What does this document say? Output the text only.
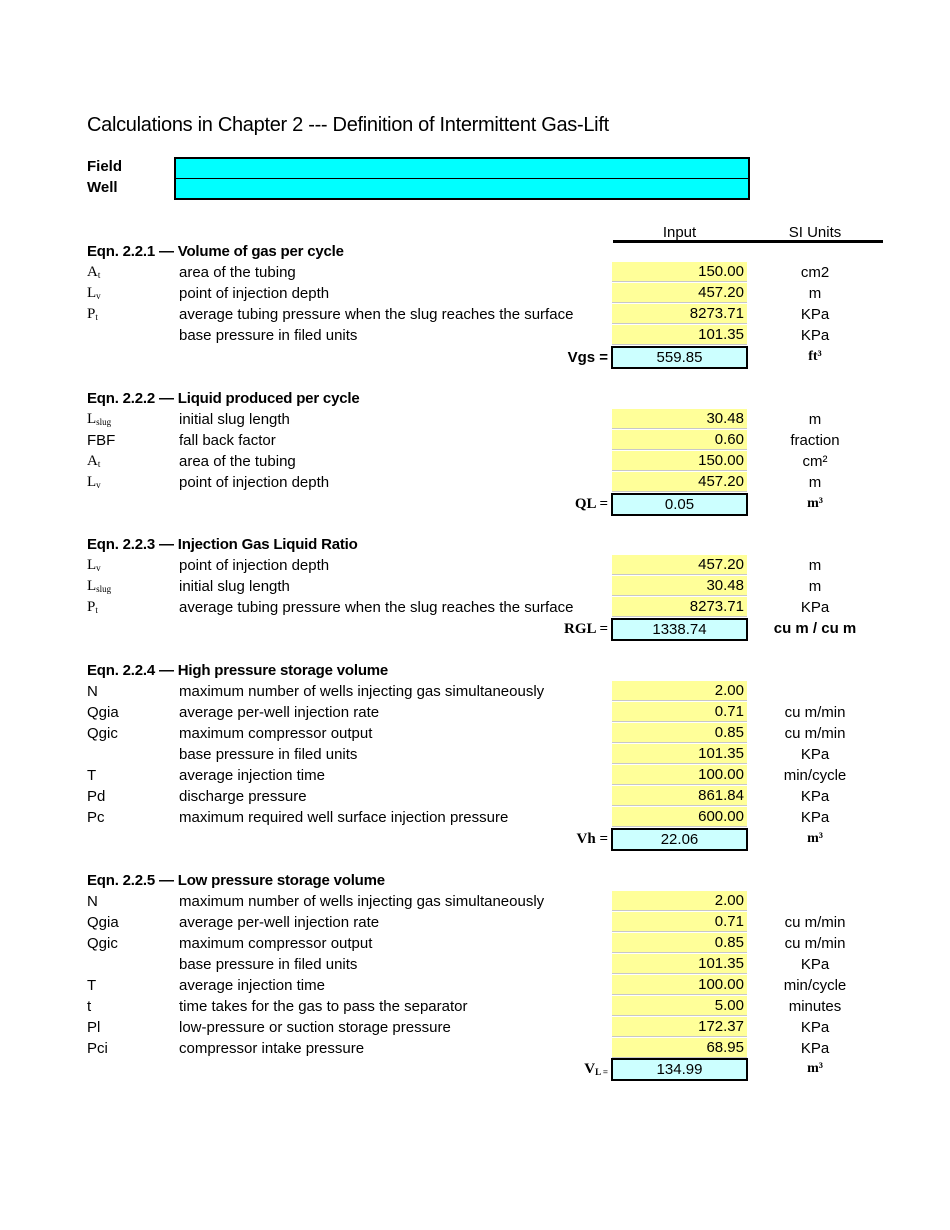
Calculations in Chapter 2 --- Definition of Intermittent Gas-Lift
Field
Well
Input	SI Units
Eqn. 2.2.1 — Volume of gas per cycle
$A_t$	area of the tubing	150.00	cm2
$L_v$	point of injection depth	457.20	m
$P_t$	average tubing pressure when the slug reaches the surface	8273.71	KPa
base pressure in filed units	101.35	KPa
Vgs =	559.85	ft³
Eqn. 2.2.2 — Liquid produced per cycle
$L_{slug}$	initial slug length	30.48	m
FBF	fall back factor	0.60	fraction
$A_t$	area of the tubing	150.00	cm²
$L_v$	point of injection depth	457.20	m
QL =	0.05	m³
Eqn. 2.2.3 — Injection Gas Liquid Ratio
$L_v$	point of injection depth	457.20	m
$L_{slug}$	initial slug length	30.48	m
$P_t$	average tubing pressure when the slug reaches the surface	8273.71	KPa
RGL =	1338.74	cu m / cu m
Eqn. 2.2.4 — High pressure storage volume
N	maximum number of wells injecting gas simultaneously	2.00
Qgia	average per-well injection rate	0.71	cu m/min
Qgic	maximum compressor output	0.85	cu m/min
base pressure in filed units	101.35	KPa
T	average injection time	100.00	min/cycle
Pd	discharge pressure	861.84	KPa
Pc	maximum required well surface injection pressure	600.00	KPa
Vh =	22.06	m³
Eqn. 2.2.5 — Low pressure storage volume
N	maximum number of wells injecting gas simultaneously	2.00
Qgia	average per-well injection rate	0.71	cu m/min
Qgic	maximum compressor output	0.85	cu m/min
base pressure in filed units	101.35	KPa
T	average injection time	100.00	min/cycle
t	time takes for the gas to pass the separator	5.00	minutes
Pl	low-pressure or suction storage pressure	172.37	KPa
Pci	compressor intake pressure	68.95	KPa
$V_{L =}$	134.99	m³
